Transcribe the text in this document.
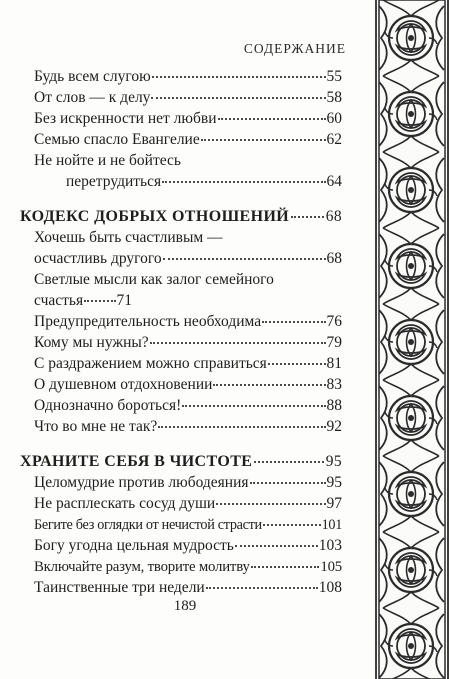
СОДЕРЖАНИЕ
Будь всем слугою	55
От слов — к делу	58
Без искренности нет любви	60
Семью спасло Евангелие	62
Не нойте и не бойтесь
перетрудиться	64
КОДЕКС ДОБРЫХ ОТНОШЕНИЙ 68
Хочешь быть счастливым —
осчастливь другого	68
Светлые мысли как залог семейного
счастья 71
Предупредительность необходима	76
Кому мы нужны?	79
С раздражением можно справиться	81
О душевном отдохновении	83
Однозначно бороться!	88
Что во мне не так?	92
ХРАНИТЕ СЕБЯ В ЧИСТОТЕ	95
Целомудрие против любодеяния	95
Не расплескать сосуд души	97
Бегите без оглядки от нечистой страсти	101
Богу угодна цельная мудрость	103
Включайте разум, творите молитву	105
Таинственные три недели	108
189
